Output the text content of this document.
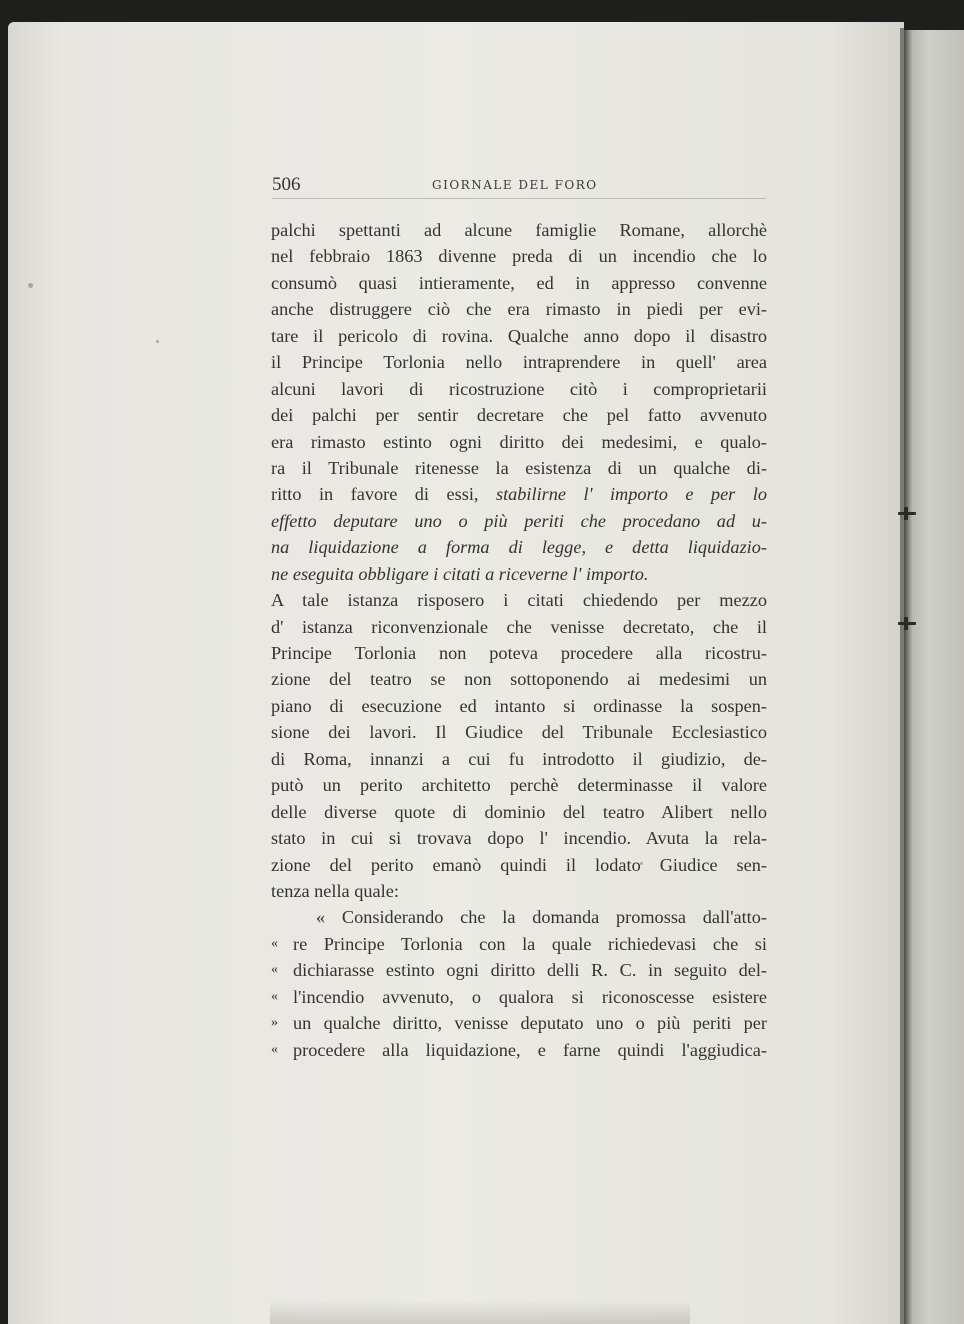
506	GIORNALE DEL FORO
palchi spettanti ad alcune famiglie Romane, allorchè
nel febbraio 1863 divenne preda di un incendio che lo
consumò quasi intieramente, ed in appresso convenne
anche distruggere ciò che era rimasto in piedi per evi-
tare il pericolo di rovina. Qualche anno dopo il disastro
il Principe Torlonia nello intraprendere in quell' area
alcuni lavori di ricostruzione citò i comproprietarii
dei palchi per sentir decretare che pel fatto avvenuto
era rimasto estinto ogni diritto dei medesimi, e qualo-
ra il Tribunale ritenesse la esistenza di un qualche di-
ritto in favore di essi, stabilirne l' importo e per lo
effetto deputare uno o più periti che procedano ad u-
na liquidazione a forma di legge, e detta liquidazio-
ne eseguita obbligare i citati a riceverne l' importo.
A tale istanza risposero i citati chiedendo per mezzo
d' istanza riconvenzionale che venisse decretato, che il
Principe Torlonia non poteva procedere alla ricostru-
zione del teatro se non sottoponendo ai medesimi un
piano di esecuzione ed intanto si ordinasse la sospen-
sione dei lavori. Il Giudice del Tribunale Ecclesiastico
di Roma, innanzi a cui fu introdotto il giudizio, de-
putò un perito architetto perchè determinasse il valore
delle diverse quote di dominio del teatro Alibert nello
stato in cui si trovava dopo l' incendio. Avuta la rela-
zione del perito emanò quindi il lodato Giudice sen-
tenza nella quale:
« Considerando che la domanda promossa dall'atto-
« re Principe Torlonia con la quale richiedevasi che si
« dichiarasse estinto ogni diritto delli R. C. in seguito del-
« l'incendio avvenuto, o qualora si riconoscesse esistere
» un qualche diritto, venisse deputato uno o più periti per
« procedere alla liquidazione, e farne quindi l'aggiudica-
